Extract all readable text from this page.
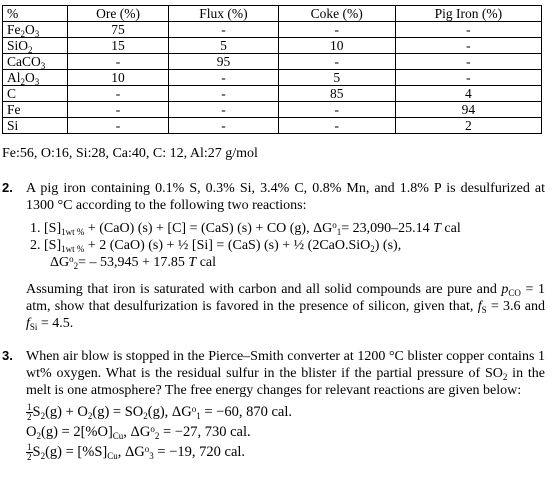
%	Ore (%)	Flux (%)	Coke (%)	Pig Iron (%)
$Fe_2O_3$	75	-	-	-
SiO$_2$	15	5	10	-
CaCO$_3$	-	95	-	-
$Al_2O_3$	10	-	5	-
C	-	-	85	4
Fe	-	-	-	94
Si	-	-	-	2
Fe:56, O:16, Si:28, Ca:40, C: 12, Al:27 g/mol
2. A pig iron containing 0.1% S, 0.3% Si, 3.4% C, 0.8% Mn, and 1.8% P is desulfurized at 1300 °C according to the following two reactions:
1. $[S]_{1wt \%} + (CaO) (s) + [C] = (CaS) (s)$ + CO (g), $\Delta G^o_1= 23,090-25.14$ T cal
2. $[S]_{1wt \%} + 2$ (CaO) (s) + ½ [Si] = (CaS) (s) + ½ (2CaO.SiO$_2$) (s),
$\Delta G^o_2= - 53,945 + 17.85$ T cal
Assuming that iron is saturated with carbon and all solid compounds are pure and $p_{CO} = 1$ atm, show that desulfurization is favored in the presence of silicon, given that, $f_S = 3.6$ and $f_{Si} = 4.5$.
3. When air blow is stopped in the Pierce–Smith converter at 1200 °C blister copper contains 1 wt% oxygen. What is the residual sulfur in the blister if the partial pressure of $SO_2$ in the melt is one atmosphere? The free energy changes for relevant reactions are given below:
$\frac{1}{2} S_2(g) + O_2(g) = SO_2(g)$, $\Delta G^o_1 = -60$, 870 cal.
$O_2(g) = 2[\%O]_{Cu}$, $\Delta G^o_2 = -27$, 730 cal.
$\frac{1}{2} S_2(g) = [\%S]_{Cu}$, $\Delta G^o_3 = -19$, 720 cal.
